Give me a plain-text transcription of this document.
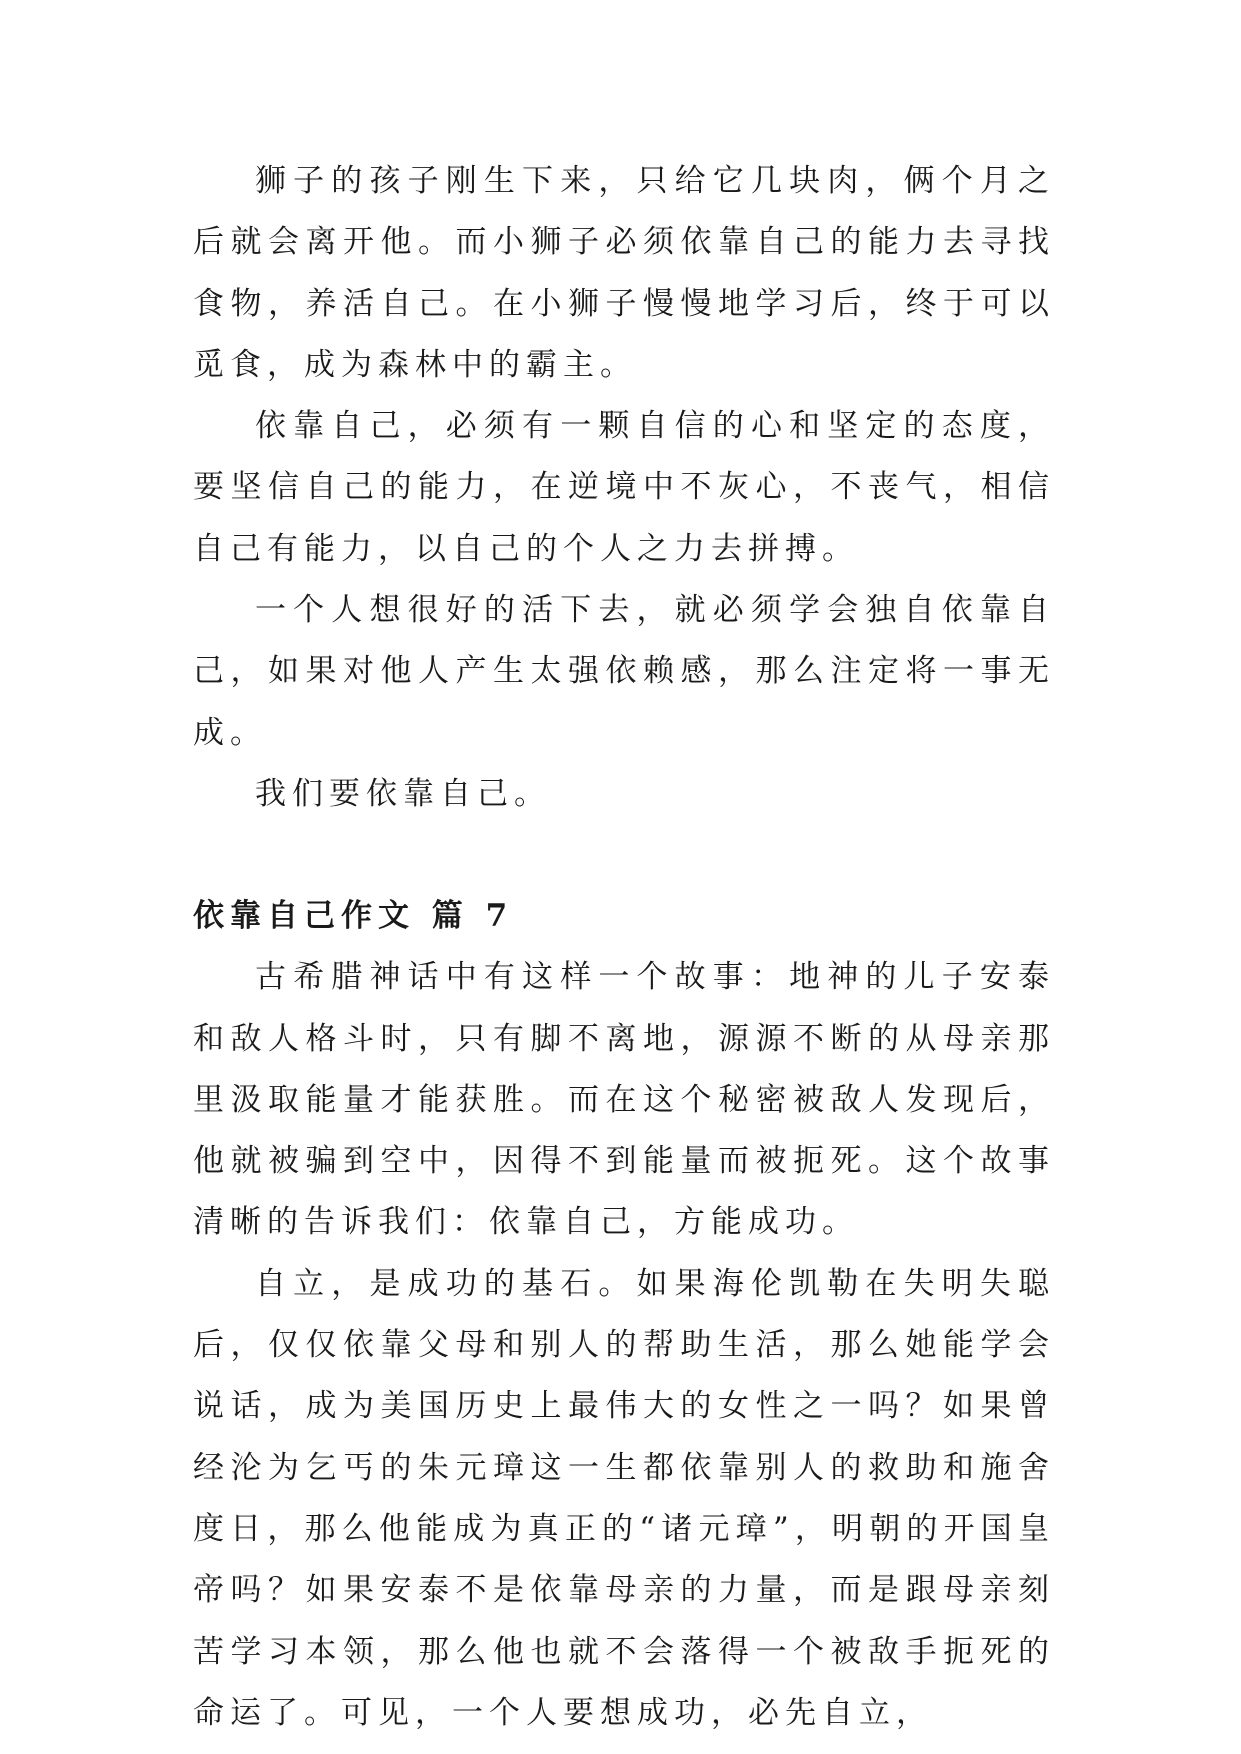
狮子的孩子刚生下来，只给它几块肉，俩个月之后就会离开他。而小狮子必须依靠自己的能力去寻找食物，养活自己。在小狮子慢慢地学习后，终于可以觅食，成为森林中的霸主。

依靠自己，必须有一颗自信的心和坚定的态度，要坚信自己的能力，在逆境中不灰心，不丧气，相信自己有能力，以自己的个人之力去拼搏。

一个人想很好的活下去，就必须学会独自依靠自己，如果对他人产生太强依赖感，那么注定将一事无成。

我们要依靠自己。

依靠自己作文 篇 7

古希腊神话中有这样一个故事：地神的儿子安泰和敌人格斗时，只有脚不离地，源源不断的从母亲那里汲取能量才能获胜。而在这个秘密被敌人发现后，他就被骗到空中，因得不到能量而被扼死。这个故事清晰的告诉我们：依靠自己，方能成功。

自立，是成功的基石。如果海伦凯勒在失明失聪后，仅仅依靠父母和别人的帮助生活，那么她能学会说话，成为美国历史上最伟大的女性之一吗？如果曾经沦为乞丐的朱元璋这一生都依靠别人的救助和施舍度日，那么他能成为真正的“诸元璋”，明朝的开国皇帝吗？如果安泰不是依靠母亲的力量，而是跟母亲刻苦学习本领，那么他也就不会落得一个被敌手扼死的命运了。可见，一个人要想成功，必先自立，
